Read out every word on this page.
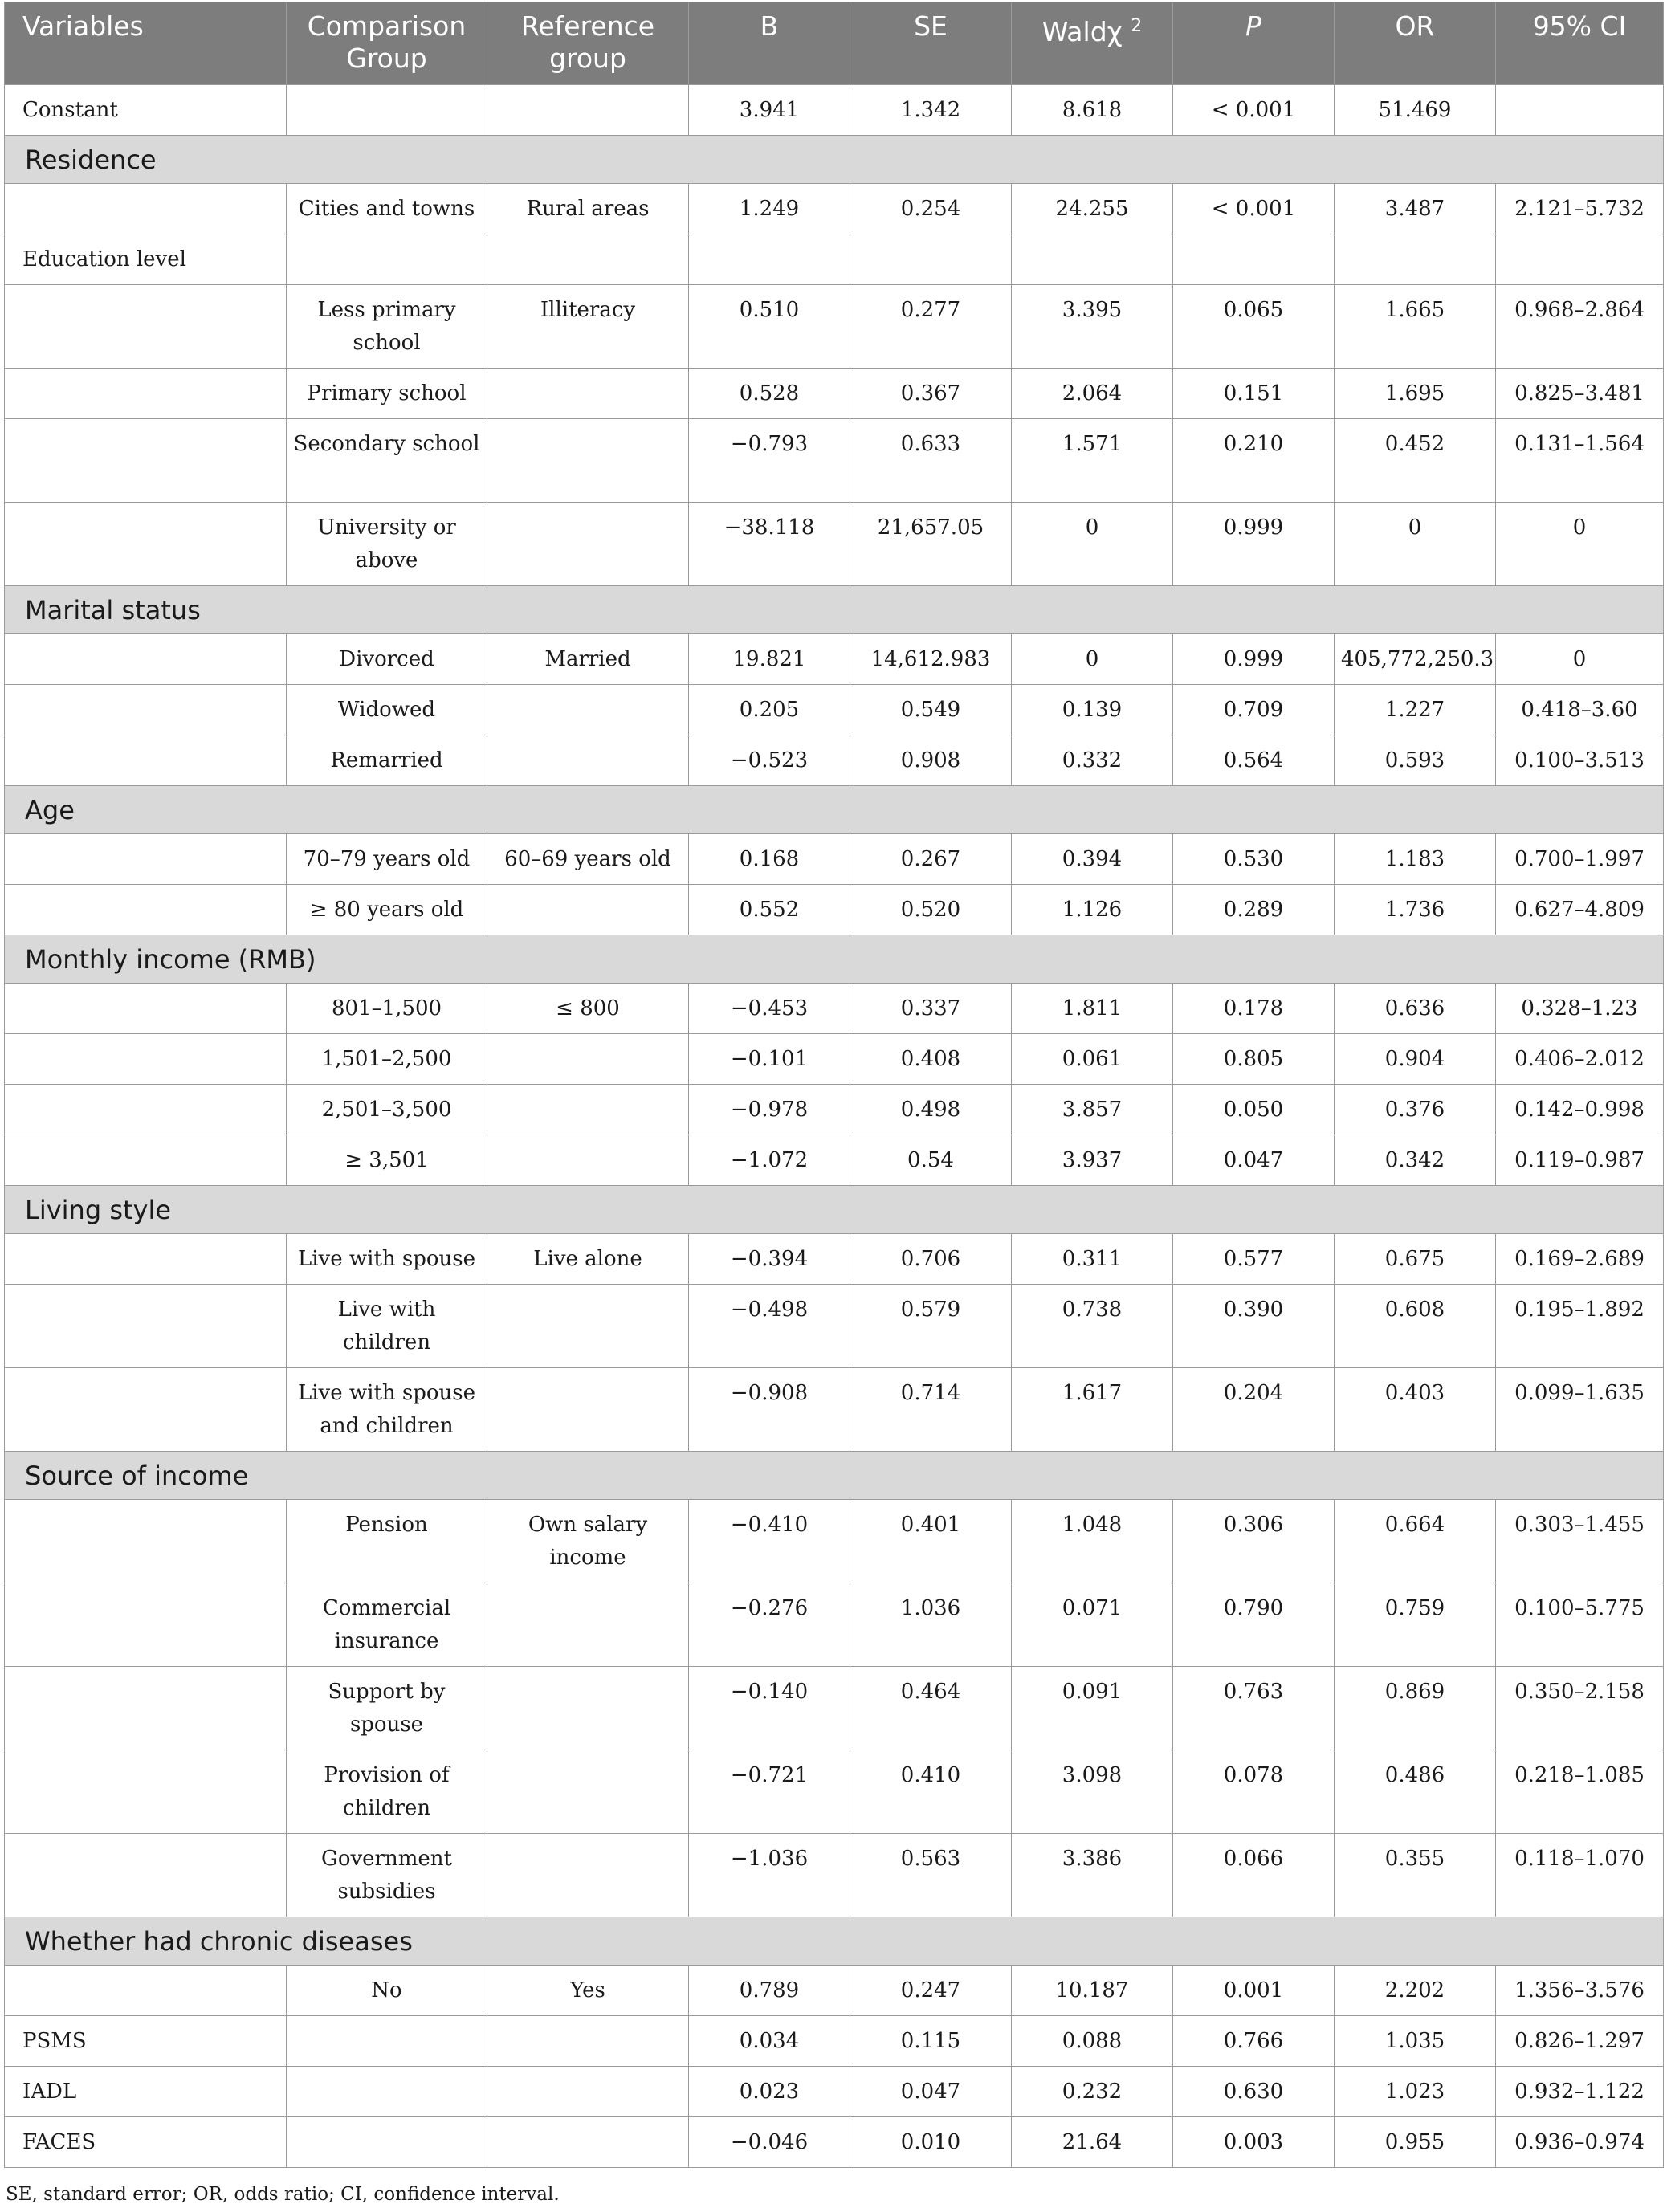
Variables	Comparison Group	Reference group	B	SE	Waldχ $^2$	P	OR	95% CI
Constant			3.941	1.342	8.618	< 0.001	51.469	
Residence								
	Cities and towns	Rural areas	1.249	0.254	24.255	< 0.001	3.487	2.121–5.732
Education level								
	Less primary school	Illiteracy	0.510	0.277	3.395	0.065	1.665	0.968–2.864
	Primary school		0.528	0.367	2.064	0.151	1.695	0.825–3.481
	Secondary school		−0.793	0.633	1.571	0.210	0.452	0.131–1.564
	University or above		−38.118	21,657.05	0	0.999	0	0
Marital status								
	Divorced	Married	19.821	14,612.983	0	0.999	405,772,250.3	0
	Widowed		0.205	0.549	0.139	0.709	1.227	0.418–3.60
	Remarried		−0.523	0.908	0.332	0.564	0.593	0.100–3.513
Age								
	70–79 years old	60–69 years old	0.168	0.267	0.394	0.530	1.183	0.700–1.997
	≥ 80 years old		0.552	0.520	1.126	0.289	1.736	0.627–4.809
Monthly income (RMB)								
	801–1,500	≤ 800	−0.453	0.337	1.811	0.178	0.636	0.328–1.23
	1,501–2,500		−0.101	0.408	0.061	0.805	0.904	0.406–2.012
	2,501–3,500		−0.978	0.498	3.857	0.050	0.376	0.142–0.998
	≥ 3,501		−1.072	0.54	3.937	0.047	0.342	0.119–0.987
Living style								
	Live with spouse	Live alone	−0.394	0.706	0.311	0.577	0.675	0.169–2.689
	Live with children		−0.498	0.579	0.738	0.390	0.608	0.195–1.892
	Live with spouse and children		−0.908	0.714	1.617	0.204	0.403	0.099–1.635
Source of income								
	Pension	Own salary income	−0.410	0.401	1.048	0.306	0.664	0.303–1.455
	Commercial insurance		−0.276	1.036	0.071	0.790	0.759	0.100–5.775
	Support by spouse		−0.140	0.464	0.091	0.763	0.869	0.350–2.158
	Provision of children		−0.721	0.410	3.098	0.078	0.486	0.218–1.085
	Government subsidies		−1.036	0.563	3.386	0.066	0.355	0.118–1.070
Whether had chronic diseases								
	No	Yes	0.789	0.247	10.187	0.001	2.202	1.356–3.576
PSMS			0.034	0.115	0.088	0.766	1.035	0.826–1.297
IADL			0.023	0.047	0.232	0.630	1.023	0.932–1.122
FACES			−0.046	0.010	21.64	0.003	0.955	0.936–0.974
SE, standard error; OR, odds ratio; CI, confidence interval.
